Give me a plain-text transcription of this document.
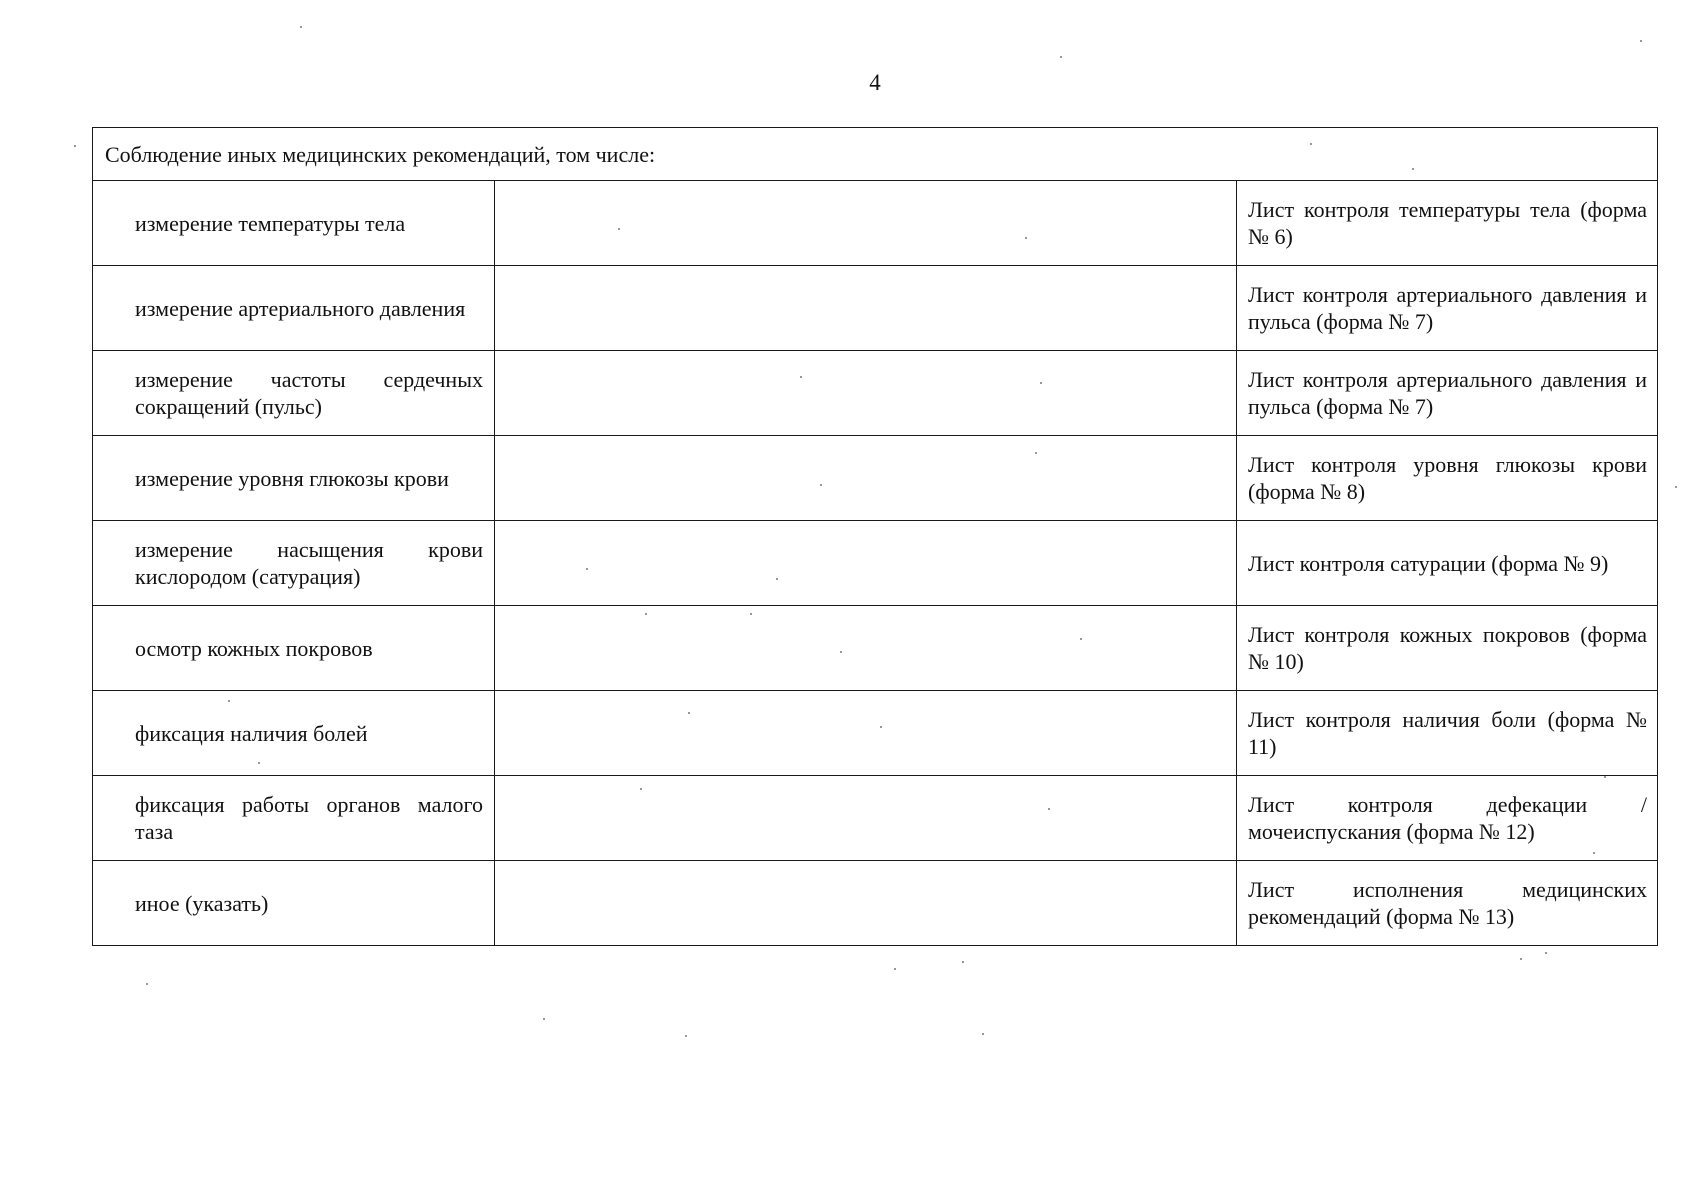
4
Соблюдение иных медицинских рекомендаций, том числе:		
измерение температуры тела		Лист контроля температуры тела (форма № 6)
измерение артериального давления		Лист контроля артериального давления и пульса (форма № 7)
измерение частоты сердечных сокращений (пульс)		Лист контроля артериального давления и пульса (форма № 7)
измерение уровня глюкозы крови		Лист контроля уровня глюкозы крови (форма № 8)
измерение насыщения крови кислородом (сатурация)		Лист контроля сатурации (форма № 9)
осмотр кожных покровов		Лист контроля кожных покровов (форма № 10)
фиксация наличия болей		Лист контроля наличия боли (форма № 11)
фиксация работы органов малого таза		Лист контроля дефекации /мочеиспускания (форма № 12)
иное (указать)		Лист исполнения медицинских рекомендаций (форма № 13)
